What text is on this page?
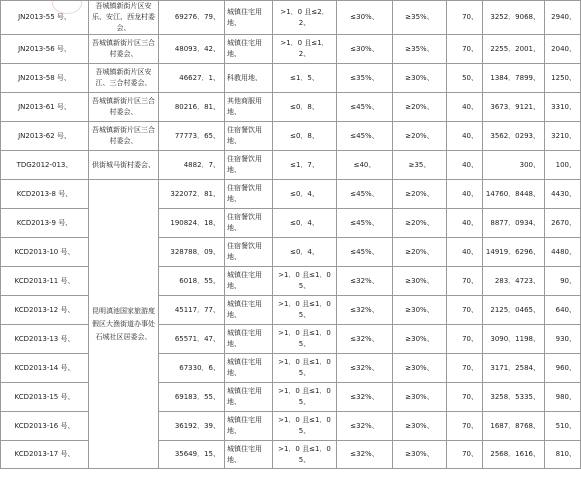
JN2013-55 号、	吾城镇新街片区安乐、安江、西龙村委会、	69276．79、	城镇住宅用地、	>1．0 且≤2．2、	≤30%、	≥35%、	70、	3252．9068、	2940、
JN2013-56 号、	吾城镇新街片区三合村委会、	48093．42、	城镇住宅用地、	>1．0 且≤1．2、	≤30%、	≥35%、	70、	2255．2001、	2040、
JN2013-58 号、	吾城镇新街片区安江、三合村委会、	46627．1、	科教用地、	≤1．5、	≤35%、	≥30%、	50、	1384．7899、	1250、
JN2013-61 号、	吾城镇新街片区三合村委会、	80216．81、	其他商服用地、	≤0．8、	≤45%、	≥20%、	40、	3673．9121、	3310、
JN2013-62 号、	吾城镇新街片区三合村委会、	77773．65、	住宿餐饮用地、	≤0．8、	≤45%、	≥20%、	40、	3562．0293、	3210、
TDG2012-013、	供街城马街村委会、	4882．7、	住宿餐饮用地、	≤1．7、	≤40、	≥35、	40、	300、	100、
KCD2013-8 号、	昆明滇池国家旅游度假区大渔街道办事处石城社区居委会、	322072．81、	住宿餐饮用地、	≤0．4、	≤45%、	≥20%、	40、	14760．8448、	4430、
KCD2013-9 号、		190824．18、	住宿餐饮用地、	≤0．4、	≤45%、	≥20%、	40、	8877．0934、	2670、
KCD2013-10 号、		328788．09、	住宿餐饮用地、	≤0．4、	≤45%、	≥20%、	40、	14919．6296、	4480、
KCD2013-11 号、		6018．55、	城镇住宅用地、	>1．0 且≤1．05、	≤32%、	≥30%、	70、	283．4723、	90、
KCD2013-12 号、		45117．77、	城镇住宅用地、	>1．0 且≤1．05、	≤32%、	≥30%、	70、	2125．0465、	640、
KCD2013-13 号、		65571．47、	城镇住宅用地、	>1．0 且≤1．05、	≤32%、	≥30%、	70、	3090．1198、	930、
KCD2013-14 号、		67330．6、	城镇住宅用地、	>1．0 且≤1．05、	≤32%、	≥30%、	70、	3171．2584、	960、
KCD2013-15 号、		69183．55、	城镇住宅用地、	>1．0 且≤1．05、	≤32%、	≥30%、	70、	3258．5335、	980、
KCD2013-16 号、		36192．39、	城镇住宅用地、	>1．0 且≤1．05、	≤32%、	≥30%、	70、	1687．8768、	510、
KCD2013-17 号、		35649．15、	城镇住宅用地、	>1．0 且≤1．05、	≤32%、	≥30%、	70、	2568．1616、	810、
